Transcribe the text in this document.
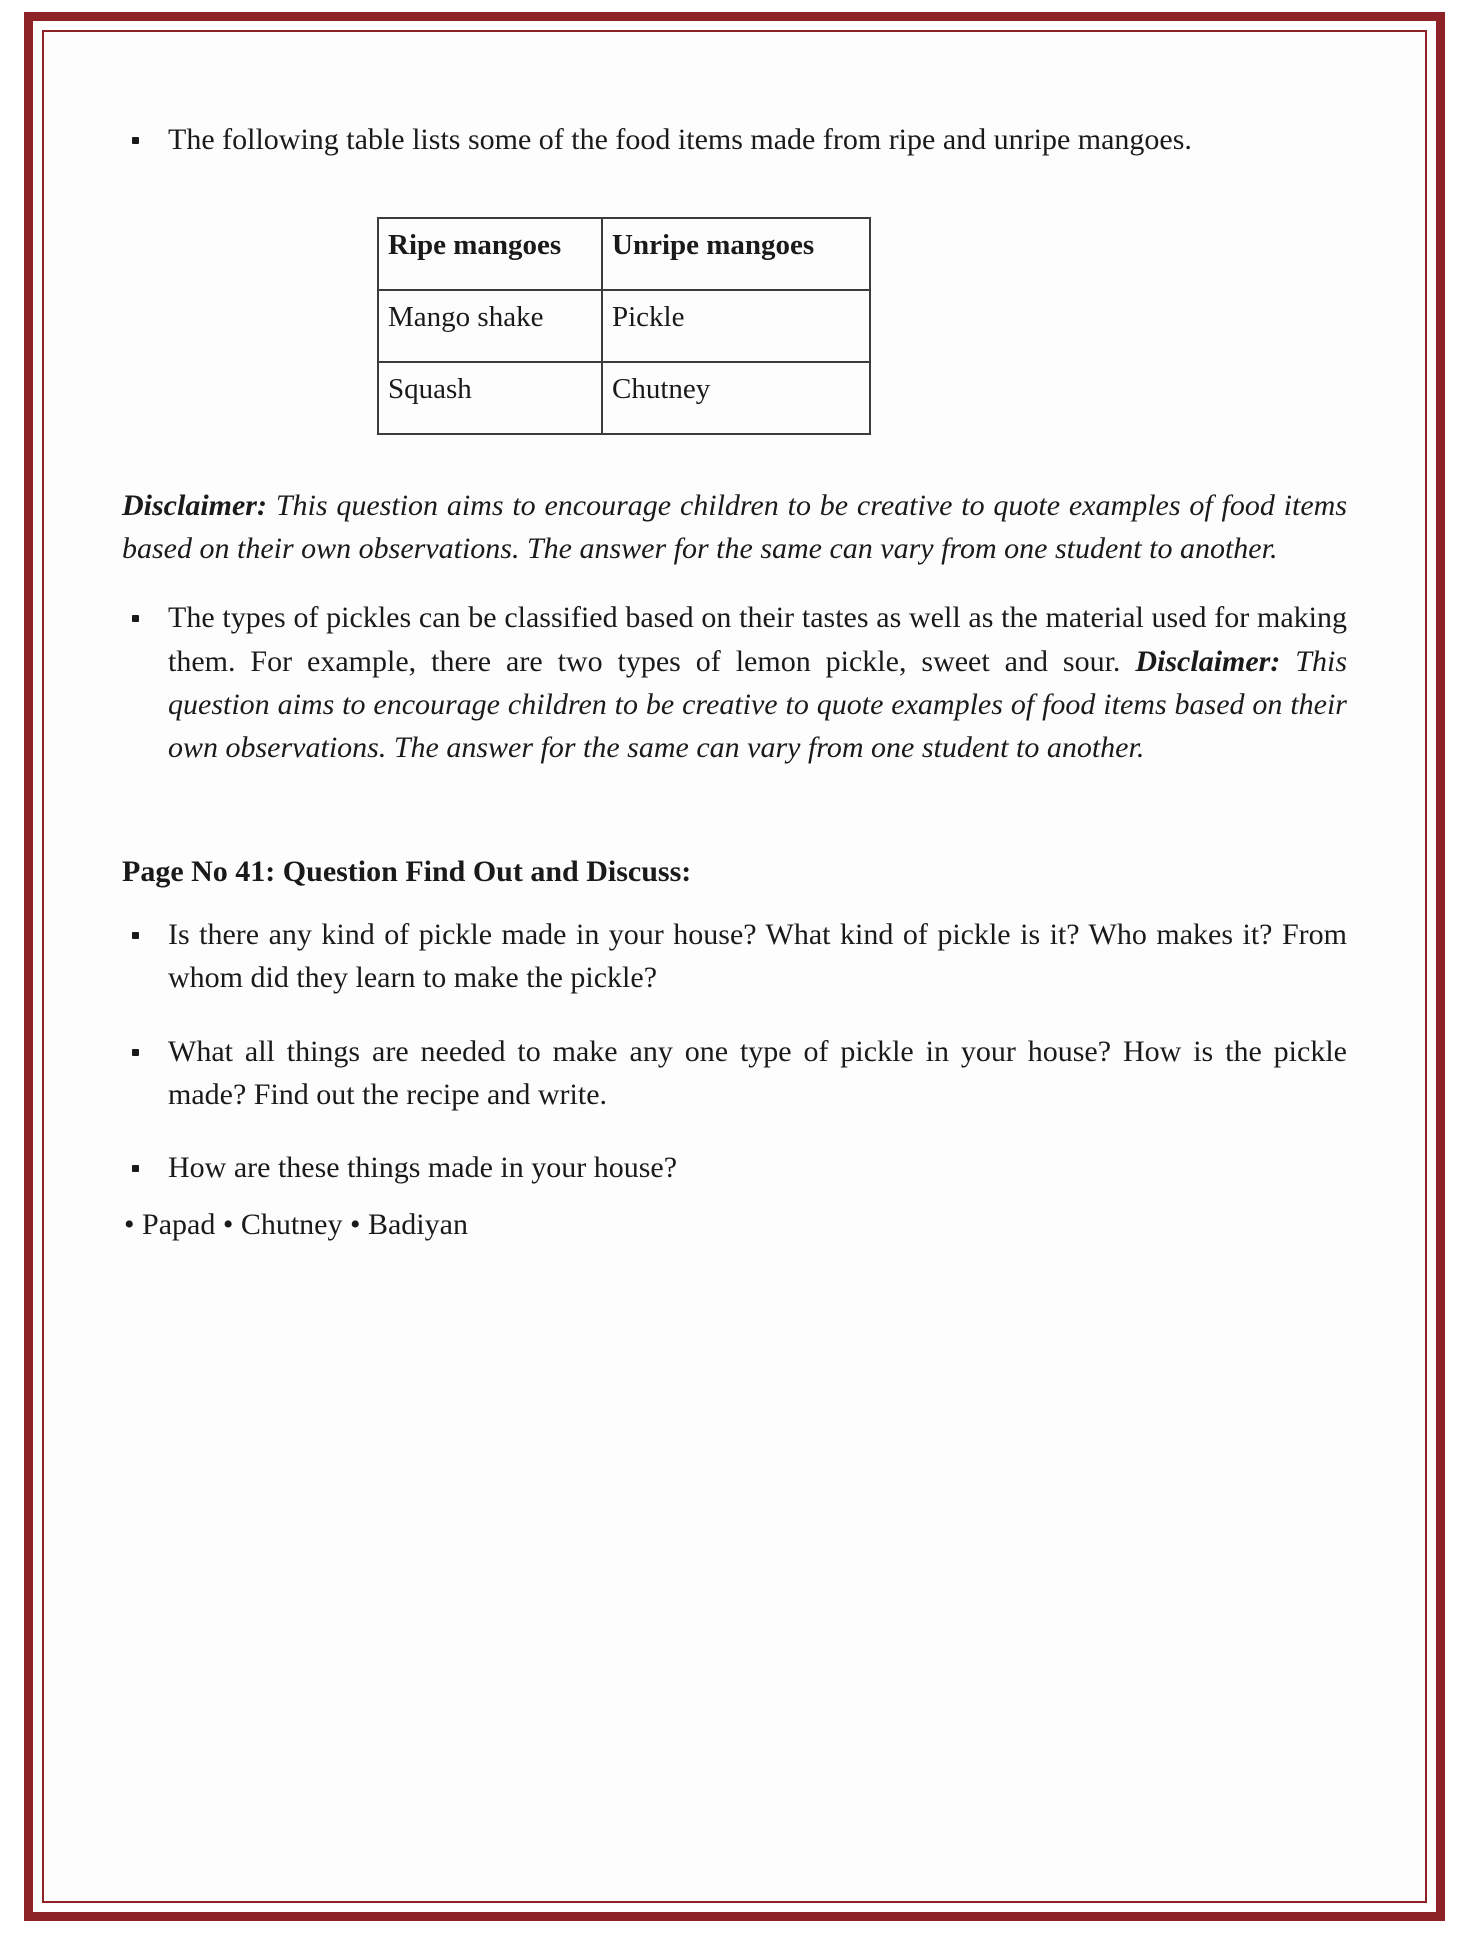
The following table lists some of the food items made from ripe and unripe mangoes.
Ripe mangoes	Unripe mangoes
Mango shake	Pickle
Squash	Chutney

Disclaimer: This question aims to encourage children to be creative to quote examples of food items based on their own observations. The answer for the same can vary from one student to another.

The types of pickles can be classified based on their tastes as well as the material used for making them. For example, there are two types of lemon pickle, sweet and sour. Disclaimer: This question aims to encourage children to be creative to quote examples of food items based on their own observations. The answer for the same can vary from one student to another.
Page No 41: Question Find Out and Discuss:
Is there any kind of pickle made in your house? What kind of pickle is it? Who makes it? From whom did they learn to make the pickle?
What all things are needed to make any one type of pickle in your house? How is the pickle made? Find out the recipe and write.
How are these things made in your house?
• Papad • Chutney • Badiyan
